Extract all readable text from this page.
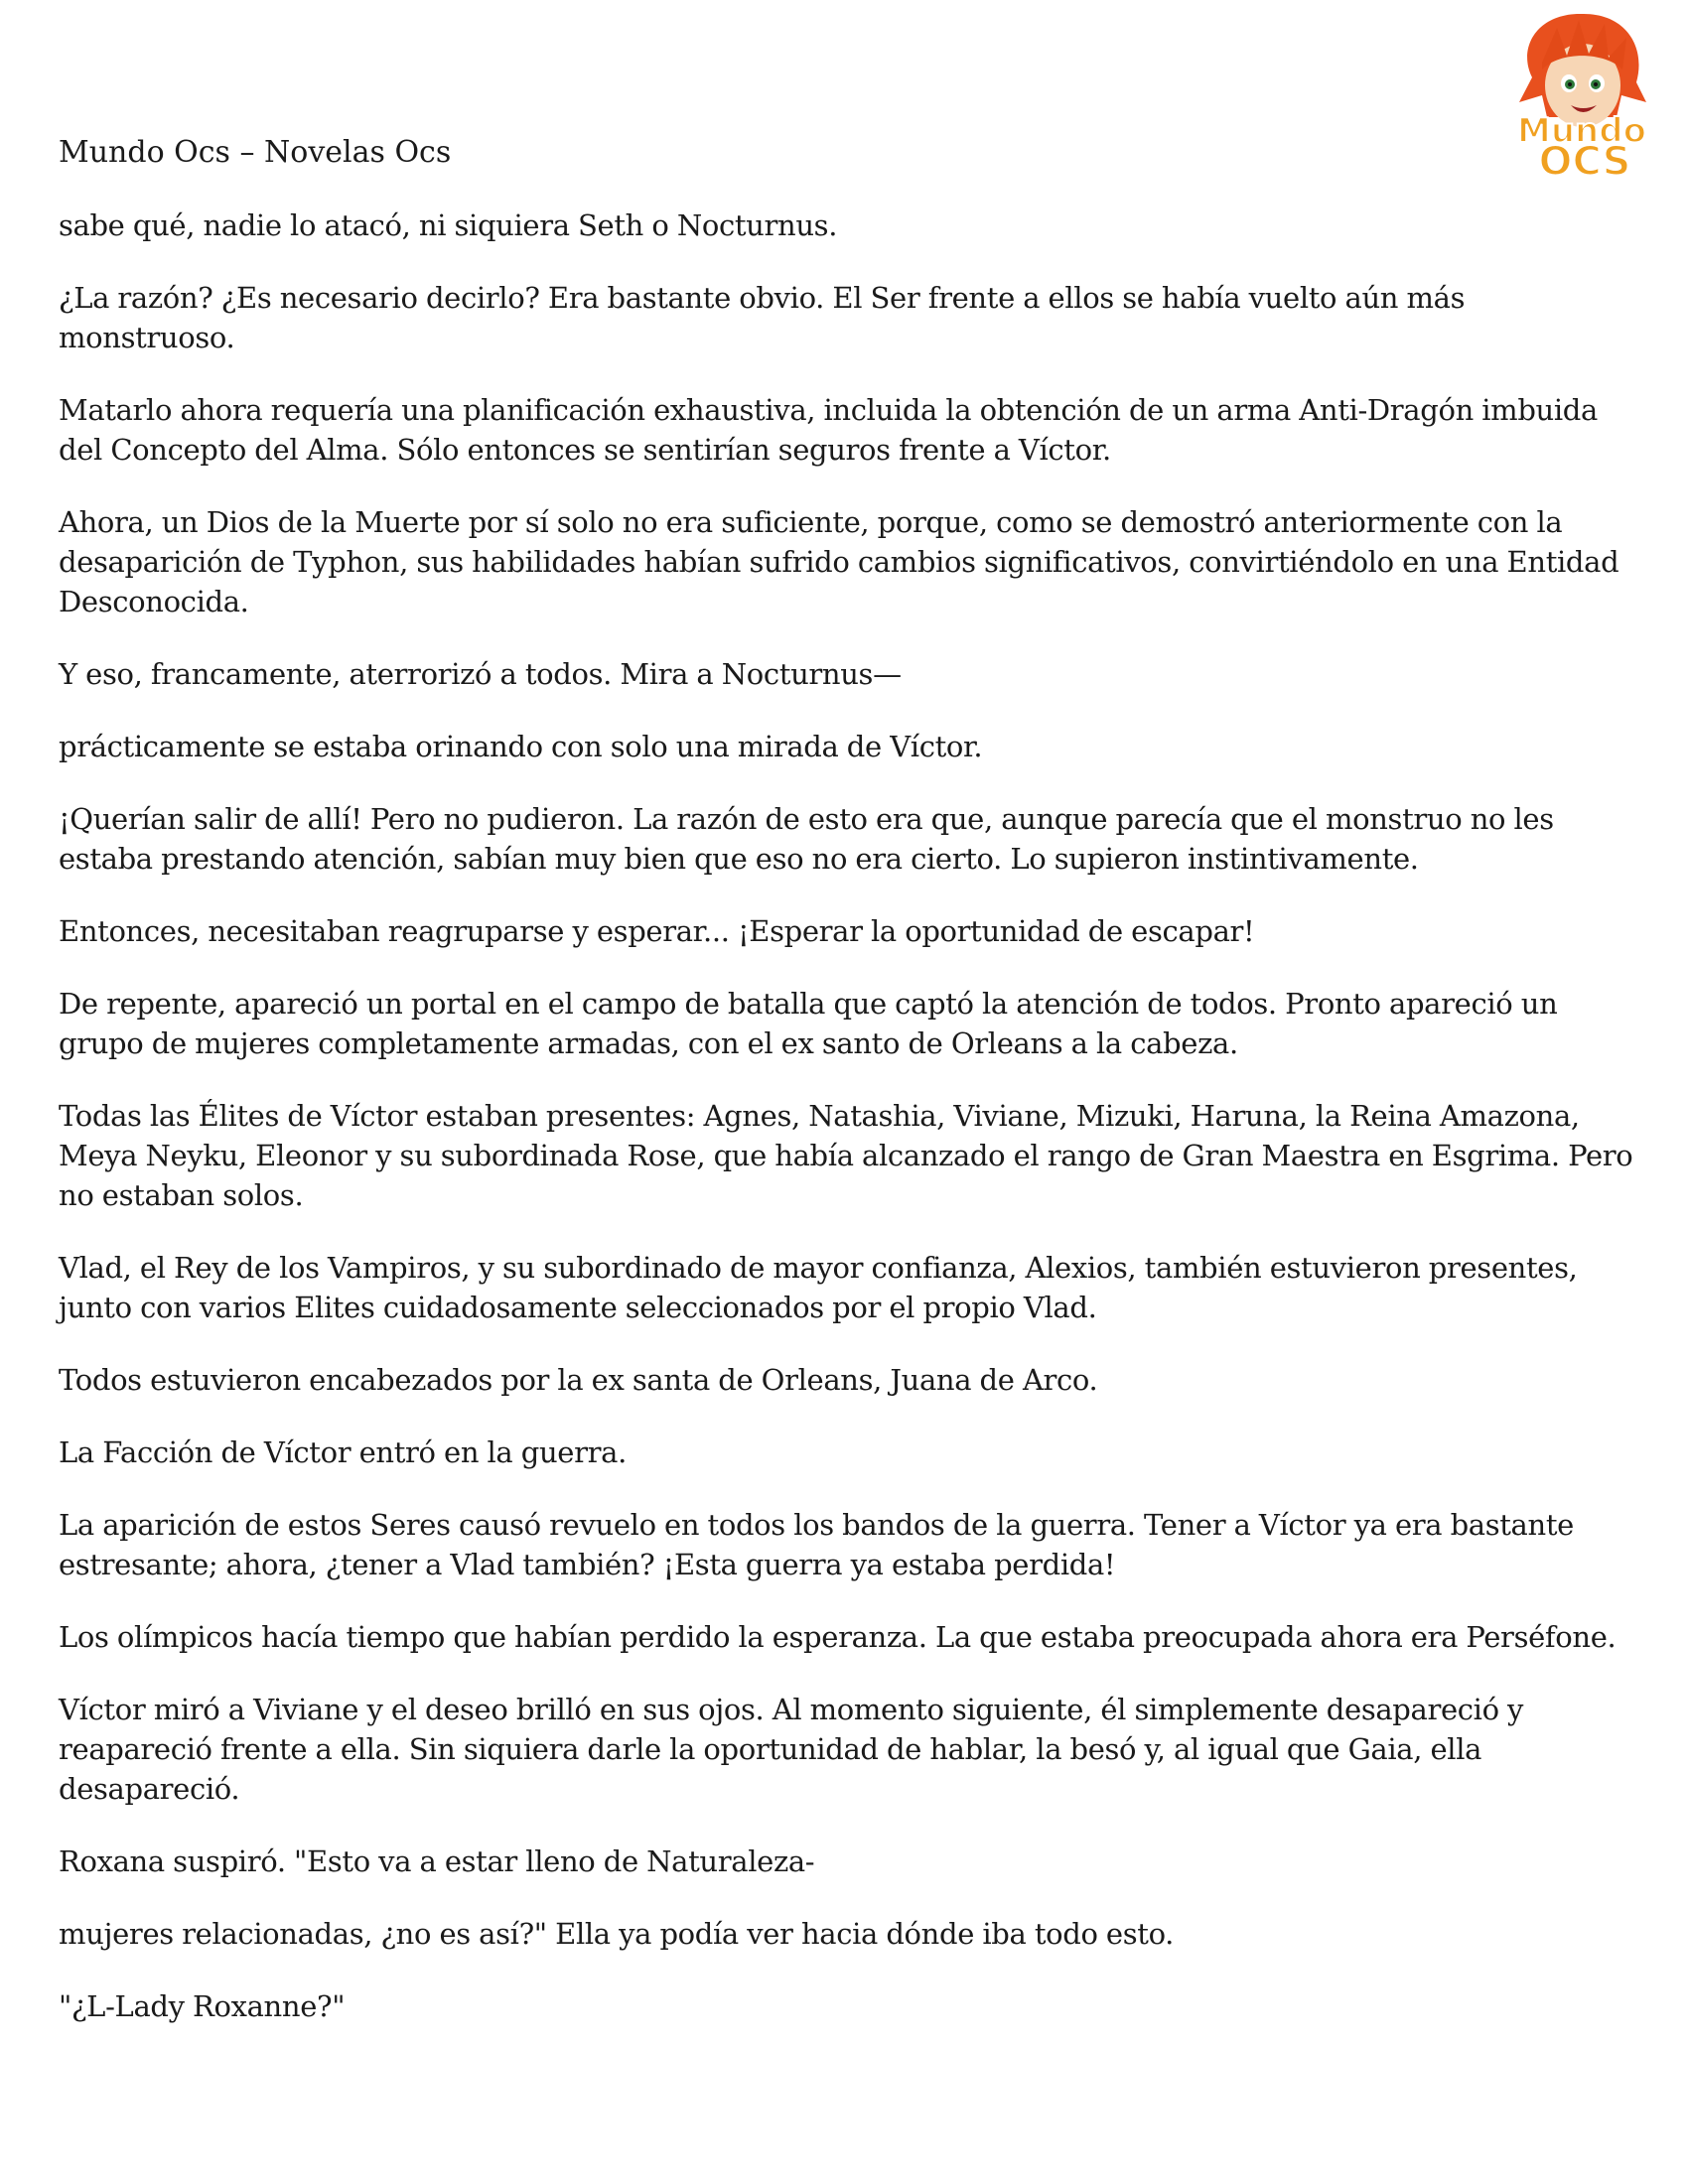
Mundo
OCS
Mundo Ocs – Novelas Ocs

sabe qué, nadie lo atacó, ni siquiera Seth o Nocturnus.

¿La razón? ¿Es necesario decirlo? Era bastante obvio. El Ser frente a ellos se había vuelto aún más monstruoso.

Matarlo ahora requería una planificación exhaustiva, incluida la obtención de un arma Anti-Dragón imbuida del Concepto del Alma. Sólo entonces se sentirían seguros frente a Víctor.

Ahora, un Dios de la Muerte por sí solo no era suficiente, porque, como se demostró anteriormente con la desaparición de Typhon, sus habilidades habían sufrido cambios significativos, convirtiéndolo en una Entidad Desconocida.

Y eso, francamente, aterrorizó a todos. Mira a Nocturnus—

prácticamente se estaba orinando con solo una mirada de Víctor.

¡Querían salir de allí! Pero no pudieron. La razón de esto era que, aunque parecía que el monstruo no les estaba prestando atención, sabían muy bien que eso no era cierto. Lo supieron instintivamente.

Entonces, necesitaban reagruparse y esperar... ¡Esperar la oportunidad de escapar!

De repente, apareció un portal en el campo de batalla que captó la atención de todos. Pronto apareció un grupo de mujeres completamente armadas, con el ex santo de Orleans a la cabeza.

Todas las Élites de Víctor estaban presentes: Agnes, Natashia, Viviane, Mizuki, Haruna, la Reina Amazona, Meya Neyku, Eleonor y su subordinada Rose, que había alcanzado el rango de Gran Maestra en Esgrima. Pero no estaban solos.

Vlad, el Rey de los Vampiros, y su subordinado de mayor confianza, Alexios, también estuvieron presentes, junto con varios Elites cuidadosamente seleccionados por el propio Vlad.

Todos estuvieron encabezados por la ex santa de Orleans, Juana de Arco.

La Facción de Víctor entró en la guerra.

La aparición de estos Seres causó revuelo en todos los bandos de la guerra. Tener a Víctor ya era bastante estresante; ahora, ¿tener a Vlad también? ¡Esta guerra ya estaba perdida!

Los olímpicos hacía tiempo que habían perdido la esperanza. La que estaba preocupada ahora era Perséfone.

Víctor miró a Viviane y el deseo brilló en sus ojos. Al momento siguiente, él simplemente desapareció y reapareció frente a ella. Sin siquiera darle la oportunidad de hablar, la besó y, al igual que Gaia, ella desapareció.

Roxana suspiró. "Esto va a estar lleno de Naturaleza-

mujeres relacionadas, ¿no es así?" Ella ya podía ver hacia dónde iba todo esto.

"¿L-Lady Roxanne?"
